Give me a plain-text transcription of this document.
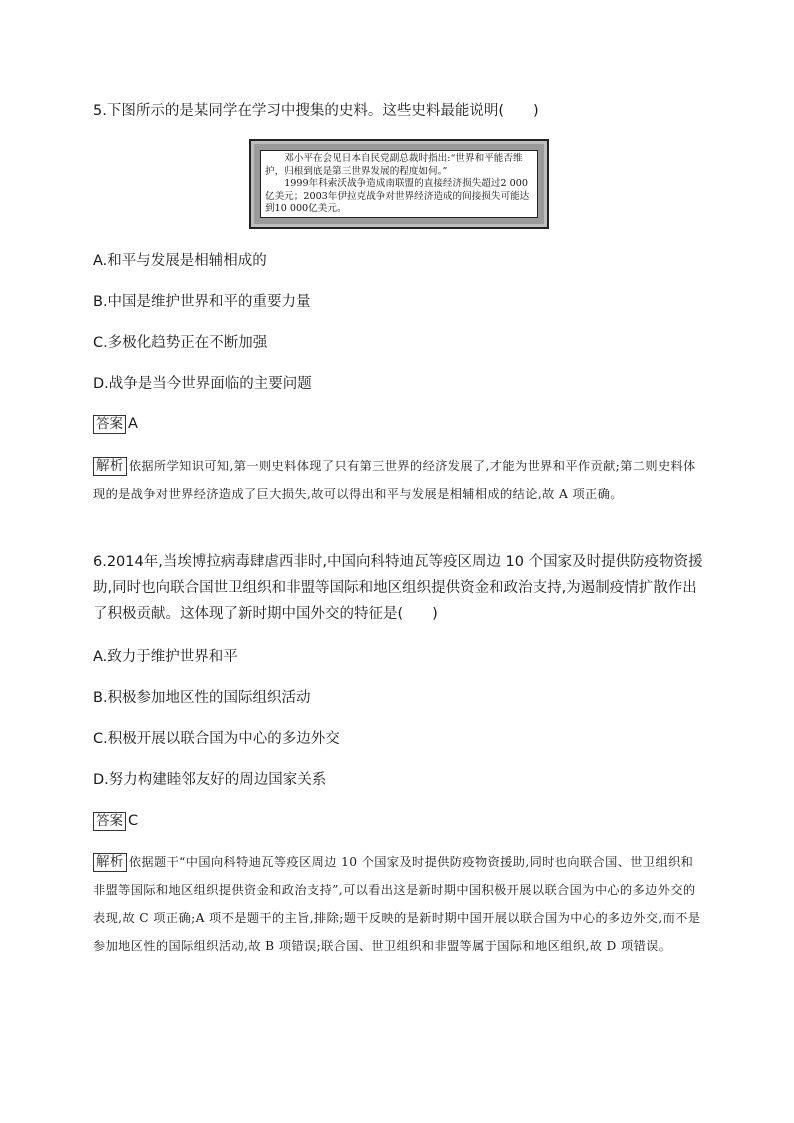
5.下图所示的是某同学在学习中搜集的史料。这些史料最能说明(　　)

邓小平在会见日本自民党副总裁时指出:“世界和平能否维护，归根到底是第三世界发展的程度如何。”

1999年科索沃战争造成南联盟的直接经济损失超过2 000亿美元；2003年伊拉克战争对世界经济造成的间接损失可能达到10 000亿美元。

A.和平与发展是相辅相成的
B.中国是维护世界和平的重要力量
C.多极化趋势正在不断加强
D.战争是当今世界面临的主要问题
答案 A
解析 依据所学知识可知,第一则史料体现了只有第三世界的经济发展了,才能为世界和平作贡献;第二则史料体现的是战争对世界经济造成了巨大损失,故可以得出和平与发展是相辅相成的结论,故 A 项正确。
6.2014年,当埃博拉病毒肆虐西非时,中国向科特迪瓦等疫区周边 10 个国家及时提供防疫物资援助,同时也向联合国世卫组织和非盟等国际和地区组织提供资金和政治支持,为遏制疫情扩散作出了积极贡献。这体现了新时期中国外交的特征是(　　)
A.致力于维护世界和平
B.积极参加地区性的国际组织活动
C.积极开展以联合国为中心的多边外交
D.努力构建睦邻友好的周边国家关系
答案 C
解析 依据题干“中国向科特迪瓦等疫区周边 10 个国家及时提供防疫物资援助,同时也向联合国、世卫组织和非盟等国际和地区组织提供资金和政治支持”,可以看出这是新时期中国积极开展以联合国为中心的多边外交的表现,故 C 项正确;A 项不是题干的主旨,排除;题干反映的是新时期中国开展以联合国为中心的多边外交,而不是参加地区性的国际组织活动,故 B 项错误;联合国、世卫组织和非盟等属于国际和地区组织,故 D 项错误。
